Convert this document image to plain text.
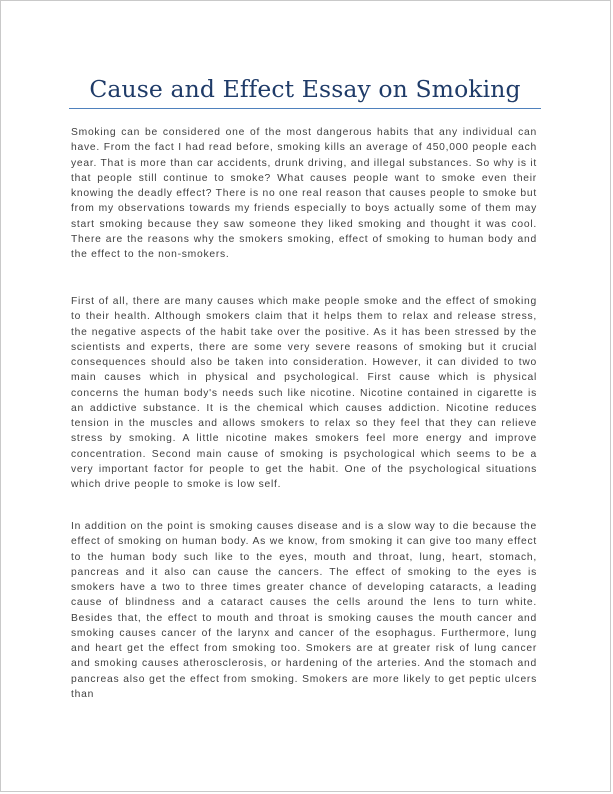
Cause and Effect Essay on Smoking

Smoking can be considered one of the most dangerous habits that any individual can have. From the fact I had read before, smoking kills an average of 450,000 people each year. That is more than car accidents, drunk driving, and illegal substances. So why is it that people still continue to smoke? What causes people want to smoke even their knowing the deadly effect? There is no one real reason that causes people to smoke but from my observations towards my friends especially to boys actually some of them may start smoking because they saw someone they liked smoking and thought it was cool. There are the reasons why the smokers smoking, effect of smoking to human body and the effect to the non-smokers.

First of all, there are many causes which make people smoke and the effect of smoking to their health. Although smokers claim that it helps them to relax and release stress, the negative aspects of the habit take over the positive. As it has been stressed by the scientists and experts, there are some very severe reasons of smoking but it crucial consequences should also be taken into consideration. However, it can divided to two main causes which in physical and psychological. First cause which is physical concerns the human body's needs such like nicotine. Nicotine contained in cigarette is an addictive substance. It is the chemical which causes addiction. Nicotine reduces tension in the muscles and allows smokers to relax so they feel that they can relieve stress by smoking. A little nicotine makes smokers feel more energy and improve concentration. Second main cause of smoking is psychological which seems to be a very important factor for people to get the habit. One of the psychological situations which drive people to smoke is low self.

In addition on the point is smoking causes disease and is a slow way to die because the effect of smoking on human body. As we know, from smoking it can give too many effect to the human body such like to the eyes, mouth and throat, lung, heart, stomach, pancreas and it also can cause the cancers. The effect of smoking to the eyes is smokers have a two to three times greater chance of developing cataracts, a leading cause of blindness and a cataract causes the cells around the lens to turn white. Besides that, the effect to mouth and throat is smoking causes the mouth cancer and smoking causes cancer of the larynx and cancer of the esophagus. Furthermore, lung and heart get the effect from smoking too. Smokers are at greater risk of lung cancer and smoking causes atherosclerosis, or hardening of the arteries. And the stomach and pancreas also get the effect from smoking. Smokers are more likely to get peptic ulcers than
